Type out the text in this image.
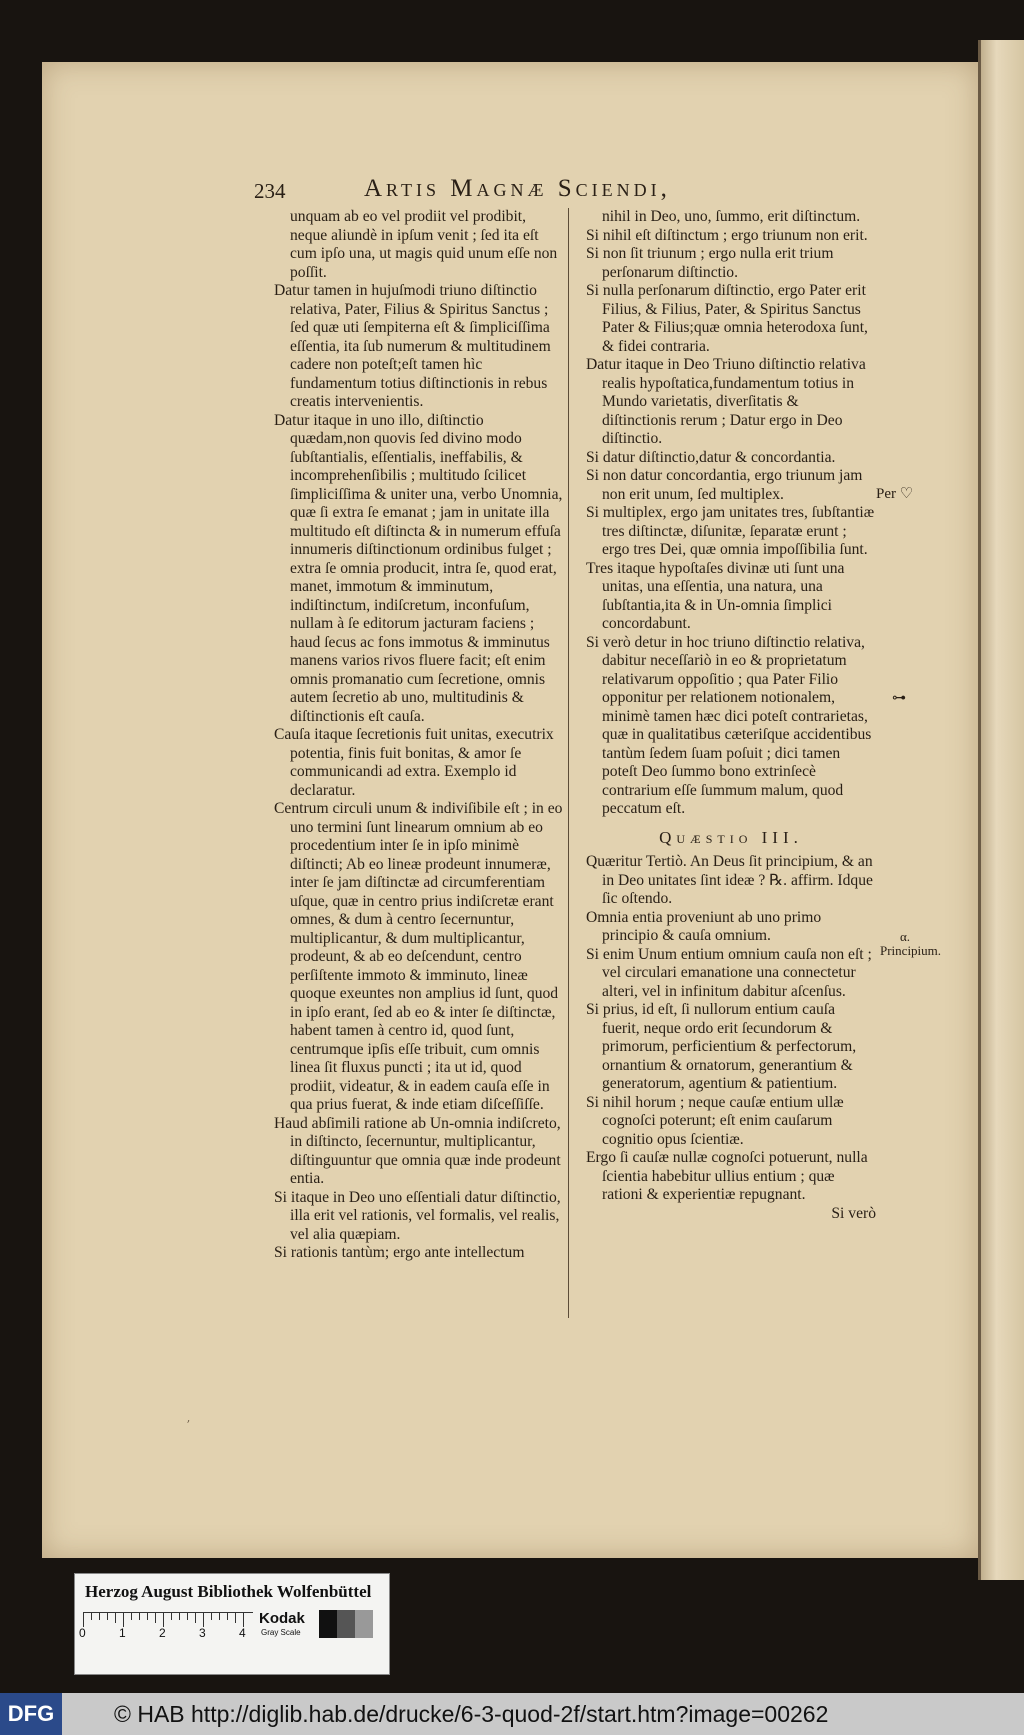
234	Artis Magnæ Sciendi,

unquam ab eo vel prodiit vel prodibit, neque aliundè in ipſum venit ; ſed ita eſt cum ipſo una, ut magis quid unum eſſe non poſſit.

Datur tamen in hujuſmodi triuno diſtinctio relativa, Pater, Filius & Spiritus Sanctus ; ſed quæ uti ſempiterna eſt & ſimpliciſſima eſſentia, ita ſub numerum & multitudinem cadere non poteſt;eſt tamen hìc fundamentum totius diſtinctionis in rebus creatis intervenientis.

Datur itaque in uno illo, diſtinctio quædam,non quovis ſed divino modo ſubſtantialis, eſſentialis, ineffabilis, & incomprehenſibilis ; multitudo ſcilicet ſimpliciſſima & uniter una, verbo Unomnia, quæ ſi extra ſe emanat ; jam in unitate illa multitudo eſt diſtincta & in numerum effuſa innumeris diſtinctionum ordinibus fulget ; extra ſe omnia producit, intra ſe, quod erat, manet, immotum & imminutum, indiſtinctum, indiſcretum, inconfuſum, nullam à ſe editorum jacturam faciens ; haud ſecus ac fons immotus & imminutus manens varios rivos fluere facit; eſt enim omnis promanatio cum ſecretione, omnis autem ſecretio ab uno, multitudinis & diſtinctionis eſt cauſa.

Cauſa itaque ſecretionis fuit unitas, executrix potentia, finis fuit bonitas, & amor ſe communicandi ad extra. Exemplo id declaratur.

Centrum circuli unum & indiviſibile eſt ; in eo uno termini ſunt linearum omnium ab eo procedentium inter ſe in ipſo minimè diſtincti; Ab eo lineæ prodeunt innumeræ, inter ſe jam diſtinctæ ad circumferentiam uſque, quæ in centro prius indiſcretæ erant omnes, & dum à centro ſecernuntur, multiplicantur, & dum multiplicantur, prodeunt, & ab eo deſcendunt, centro perſiſtente immoto & imminuto, lineæ quoque exeuntes non amplius id ſunt, quod in ipſo erant, ſed ab eo & inter ſe diſtinctæ, habent tamen à centro id, quod ſunt, centrumque ipſis eſſe tribuit, cum omnis linea ſit fluxus puncti ; ita ut id, quod prodiit, videatur, & in eadem cauſa eſſe in qua prius fuerat, & inde etiam diſceſſiſſe.

Haud abſimili ratione ab Un-omnia indiſcreto, in diſtincto, ſecernuntur, multiplicantur, diſtinguuntur que omnia quæ inde prodeunt entia.

Si itaque in Deo uno eſſentiali datur diſtinctio, illa erit vel rationis, vel formalis, vel realis, vel alia quæpiam.

Si rationis tantùm; ergo ante intellectum

nihil in Deo, uno, ſummo, erit diſtinctum.

Si nihil eſt diſtinctum ; ergo triunum non erit.

Si non ſit triunum ; ergo nulla erit trium perſonarum diſtinctio.

Si nulla perſonarum diſtinctio, ergo Pater erit Filius, & Filius, Pater, & Spiritus Sanctus Pater & Filius;quæ omnia heterodoxa ſunt, & fidei contraria.

Datur itaque in Deo Triuno diſtinctio relativa realis hypoſtatica,fundamentum totius in Mundo varietatis, diverſitatis & diſtinctionis rerum ; Datur ergo in Deo diſtinctio.

Si datur diſtinctio,datur & concordantia.

Si non datur concordantia, ergo triunum jam non erit unum, ſed multiplex.

Si multiplex, ergo jam unitates tres, ſubſtantiæ tres diſtinctæ, diſunitæ, ſeparatæ erunt ; ergo tres Dei, quæ omnia impoſſibilia ſunt.

Tres itaque hypoſtaſes divinæ uti ſunt una unitas, una eſſentia, una natura, una ſubſtantia,ita & in Un-omnia ſimplici concordabunt.

Si verò detur in hoc triuno diſtinctio relativa, dabitur neceſſariò in eo & proprietatum relativarum oppoſitio ; qua Pater Filio opponitur per relationem notionalem, minimè tamen hæc dici poteſt contrarietas, quæ in qualitatibus cæteriſque accidentibus tantùm ſedem ſuam poſuit ; dici tamen poteſt Deo ſummo bono extrinſecè contrarium eſſe ſummum malum, quod peccatum eſt.

Quæstio III.

Quæritur Tertiò. An Deus ſit principium, & an in Deo unitates ſint ideæ ? ℞. affirm. Idque ſic oſtendo.

Omnia entia proveniunt ab uno primo principio & cauſa omnium.

Si enim Unum entium omnium cauſa non eſt ; vel circulari emanatione una connectetur alteri, vel in infinitum dabitur aſcenſus.

Si prius, id eſt, ſi nullorum entium cauſa fuerit, neque ordo erit ſecundorum & primorum, perficientium & perfectorum, ornantium & ornatorum, generantium & generatorum, agentium & patientium.

Si nihil horum ; neque cauſæ entium ullæ cognoſci poterunt; eſt enim cauſarum cognitio opus ſcientiæ.

Ergo ſi cauſæ nullæ cognoſci potuerunt, nulla ſcientia habebitur ullius entium ; quæ rationi & experientiæ repugnant.

Si verò

Per ♡
⊶
α. Principium.
ʼ
Herzog August Bibliothek Wolfenbüttel
0	1	2	3	4
Kodak
Gray Scale
DFG	© HAB http://diglib.hab.de/drucke/6-3-quod-2f/start.htm?image=00262
